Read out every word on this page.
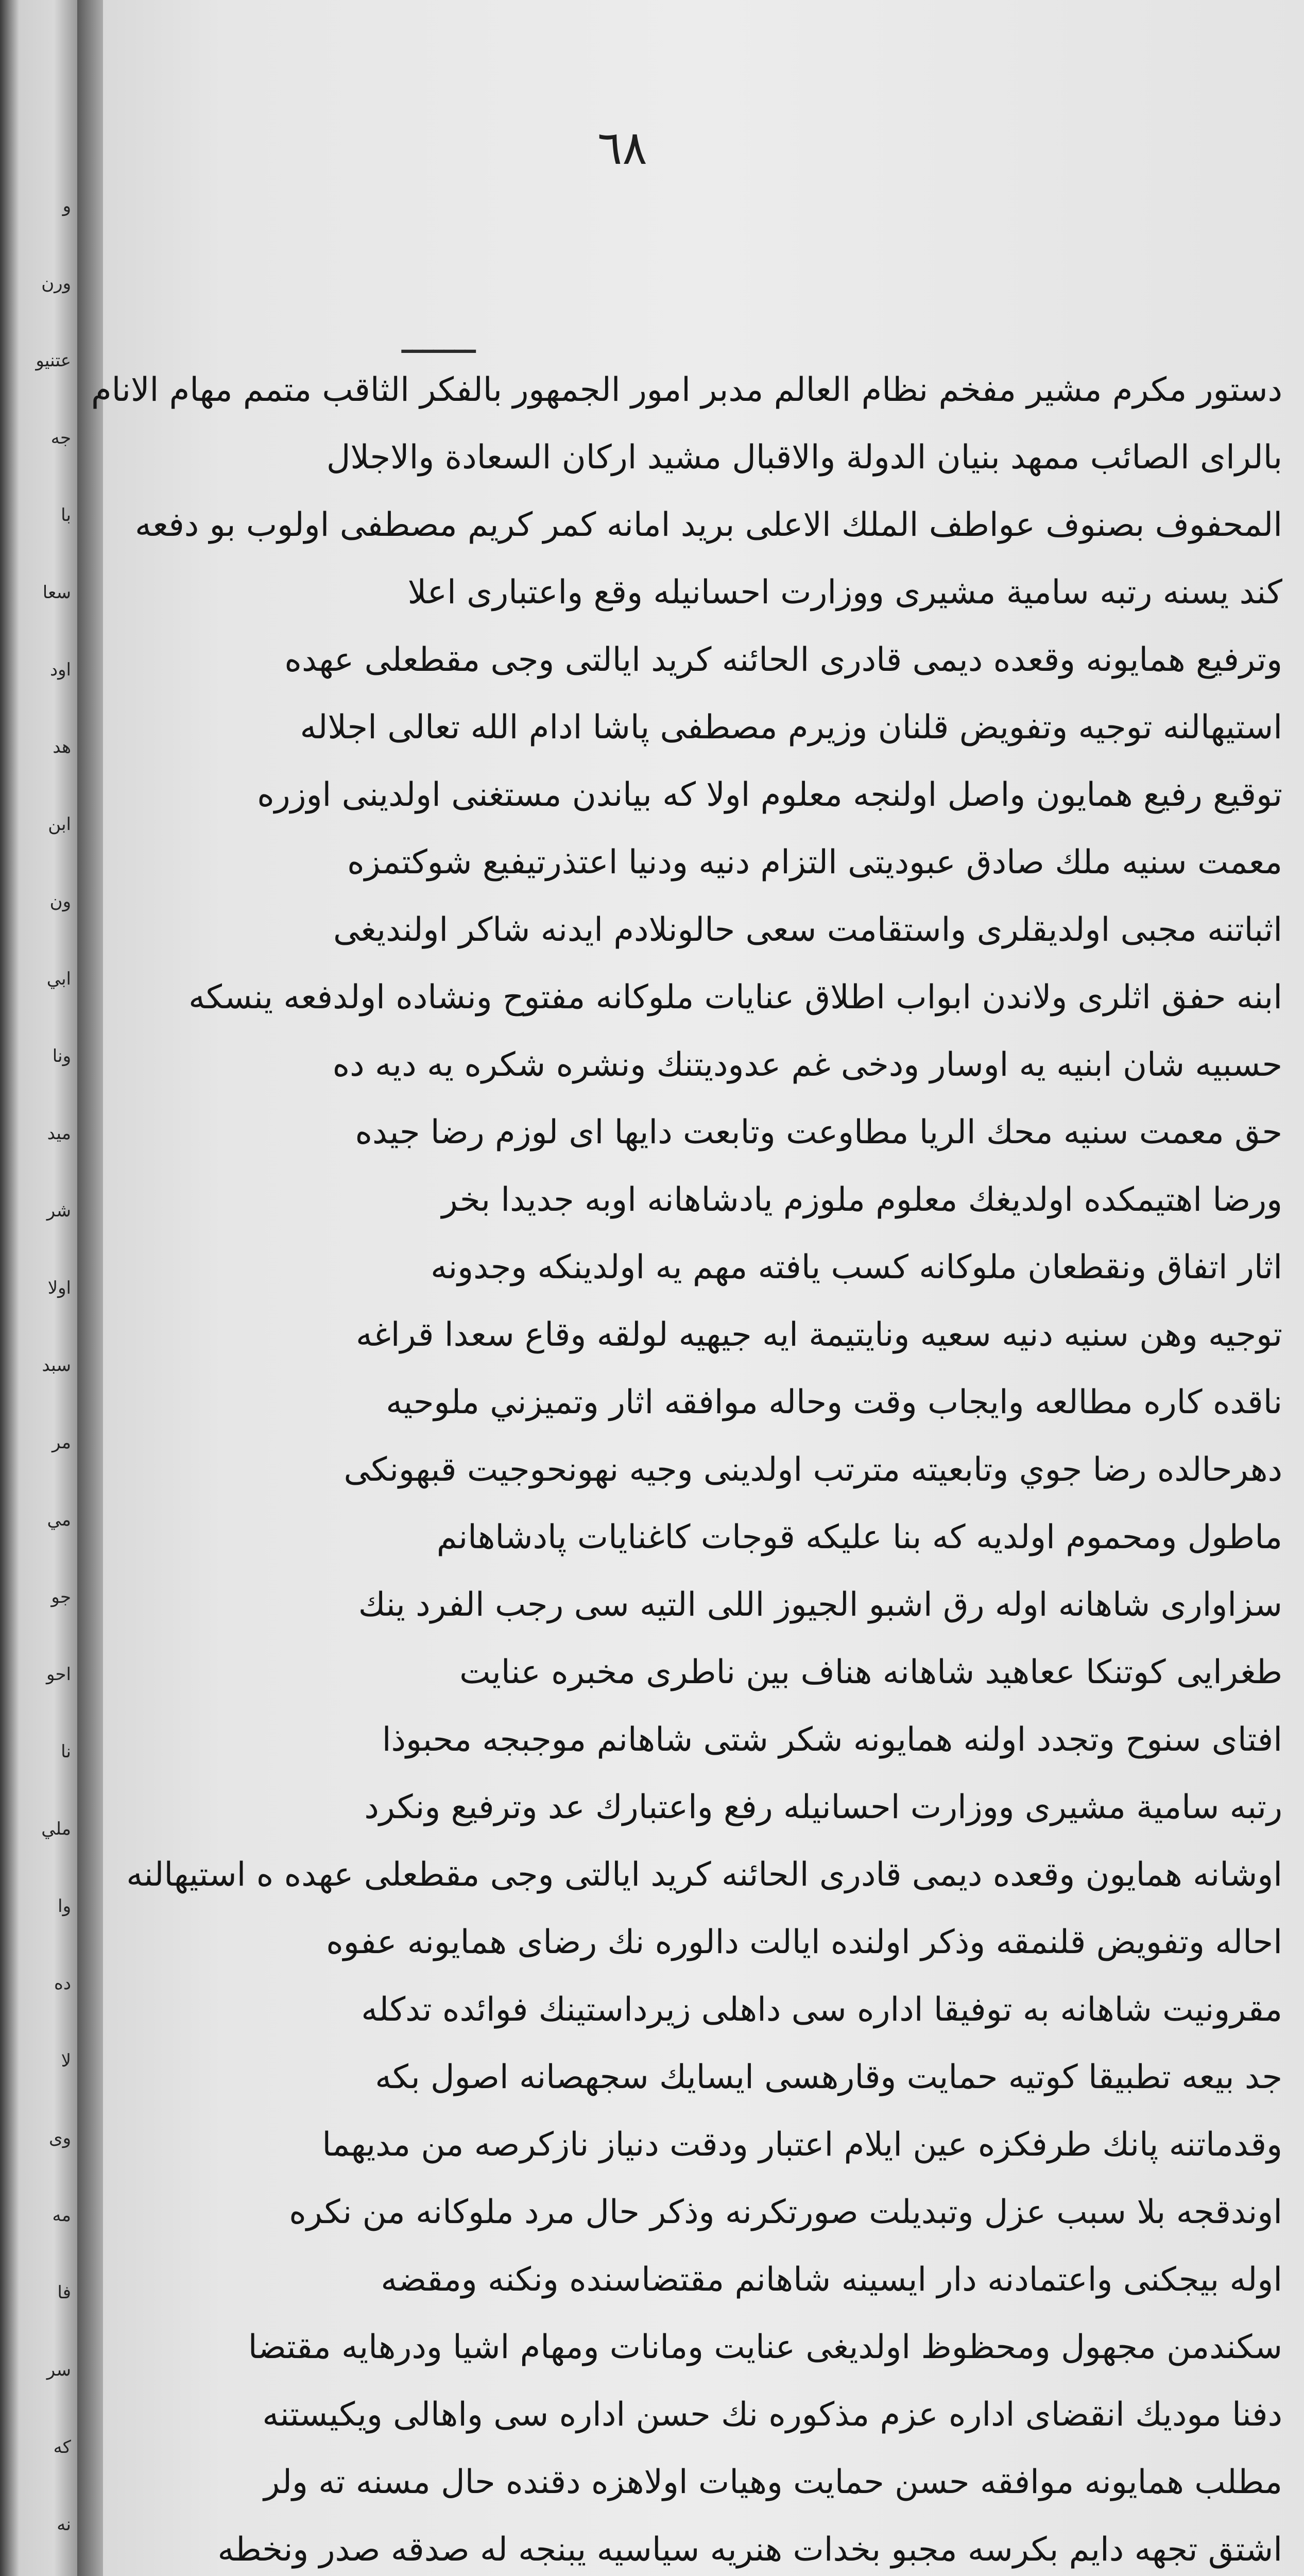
و
ورن
عتنيو
جه
با
سعا
اود
هد
ابن
ون
ابي
ونا
ميد
شر
اولا
سبد
مر
مي
جو
احو
نا
ملي
وا
ده
لا
وى
مه
فا
سر
كه
نه
٦٨
ـــــــ
دستور مكرم مشير مفخم نظام العالم مدبر امور الجمهور بالفكر الثاقب متمم مهام الانام
بالراى الصائب ممهد بنيان الدولة والاقبال مشيد اركان السعادة والاجلال
المحفوف بصنوف عواطف الملك الاعلى بريد امانه كمر كريم مصطفى اولوب بو دفعه
كند يسنه رتبه سامية مشيرى ووزارت احسانيله وقع واعتبارى اعلا
وترفيع همايونه وقعده ديمى قادرى الحائنه كريد ايالتى وجى مقطعلى عهده
استيهالنه توجيه وتفويض قلنان وزيرم مصطفى پاشا ادام الله تعالى اجلاله
توقيع رفيع همايون واصل اولنجه معلوم اولا كه بياندن مستغنى اولدينى اوزره
معمت سنيه ملك صادق عبوديتى التزام دنيه ودنيا اعتذرتيفيع شوكتمزه
اثباتنه مجبى اولديقلرى واستقامت سعى حالونلادم ايدنه شاكر اولنديغى
ابنه حفق اثلرى ولاندن ابواب اطلاق عنايات ملوكانه مفتوح ونشاده اولدفعه ينسكه
حسبيه شان ابنيه يه اوسار ودخى غم عدوديتنك ونشره شكره يه ديه ده
حق معمت سنيه محك الريا مطاوعت وتابعت دايها اى لوزم رضا جيده
ورضا اهتيمكده اولديغك معلوم ملوزم يادشاهانه اوبه جديدا بخر
اثار اتفاق ونقطعان ملوكانه كسب يافته مهم يه اولدينكه وجدونه
توجيه وهن سنيه دنيه سعيه ونايتيمة ايه جيهيه لولقه وقاع سعدا قراغه
ناقده كاره مطالعه وايجاب وقت وحاله موافقه اثار وتميزني ملوحيه
دهرحالده رضا جوي وتابعيته مترتب اولدينى وجيه نهونحوجيت قبهونكى
ماطول ومحموم اولديه كه بنا عليكه قوجات كاغنايات پادشاهانم
سزاوارى شاهانه اوله رق اشبو الجيوز اللى التيه سى رجب الفرد ينك
طغرايى كوتنكا ععاهيد شاهانه هناف بين ناطرى مخبره عنايت
افتاى سنوح وتجدد اولنه همايونه شكر شتى شاهانم موجبجه محبوذا
رتبه سامية مشيرى ووزارت احسانيله رفع واعتبارك عد وترفيع ونكرد
اوشانه همايون وقعده ديمى قادرى الحائنه كريد ايالتى وجى مقطعلى عهده ه استيهالنه
احاله وتفويض قلنمقه وذكر اولنده ايالت دالوره نك رضاى همايونه عفوه
مقرونيت شاهانه به توفيقا اداره سى داهلى زيرداستينك فوائده تدكله
جد بيعه تطبيقا كوتيه حمايت وقارهسى ايسايك سجهصانه اصول بكه
وقدماتنه پانك طرفكزه عين ايلام اعتبار ودقت دنياز نازكرصه من مديهما
اوندقجه بلا سبب عزل وتبديلت صورتكرنه وذكر حال مرد ملوكانه من نكره
اوله بيجكنى واعتمادنه دار ايسينه شاهانم مقتضاسنده ونكنه ومقضه
سكندمن مجهول ومحظوظ اولديغى عنايت ومانات ومهام اشيا ودرهايه مقتضا
دفنا موديك انقضاى اداره عزم مذكوره نك حسن اداره سى واهالى ويكيستنه
مطلب همايونه موافقه حسن حمايت وهيات اولاهزه دقنده حال مسنه ته ولر
اشتق تجهه دايم بكرسه مجبو بخدات هنريه سياسيه يبنجه له صدقه صدر ونخطه
